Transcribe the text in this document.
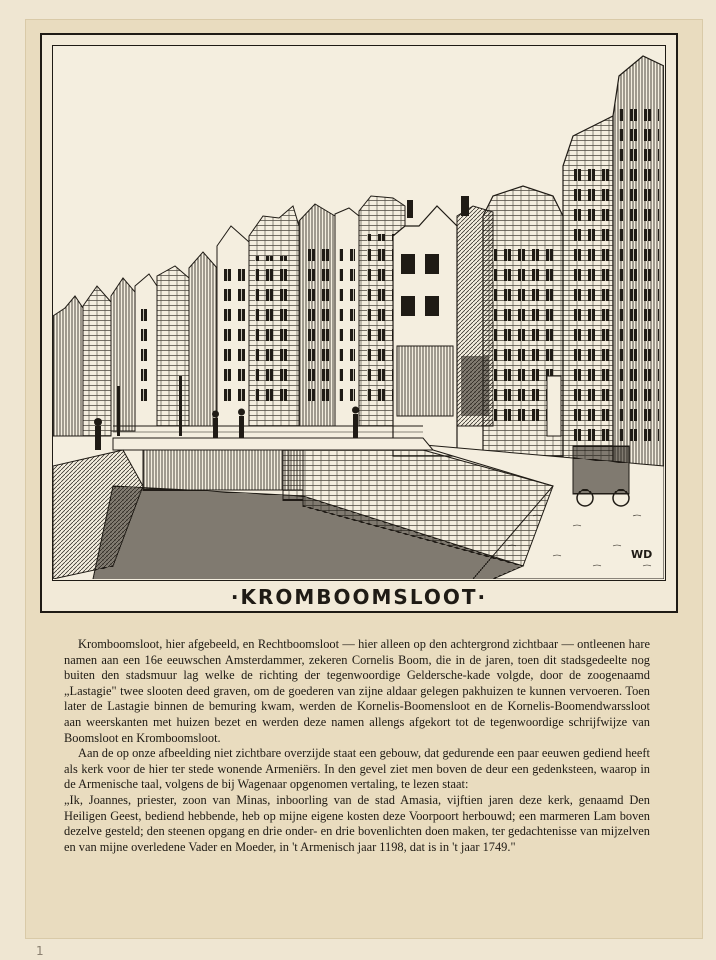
WD
·KROMBOOMSLOOT·

Kromboomsloot, hier afgebeeld, en Rechtboomsloot — hier alleen op den achtergrond zichtbaar — ontleenen hare namen aan een 16e eeuwschen Amsterdammer, zekeren Cornelis Boom, die in de jaren, toen dit stadsgedeelte nog buiten den stadsmuur lag welke de richting der tegenwoordige Geldersche-kade volgde, door de zoogenaamd „Lastagie" twee slooten deed graven, om de goederen van zijne aldaar gelegen pakhuizen te kunnen vervoeren. Toen later de Lastagie binnen de bemuring kwam, werden de Kornelis-Boomensloot en de Kornelis-Boomendwarssloot aan weerskanten met huizen bezet en werden deze namen allengs afgekort tot de tegenwoordige schrijfwijze van Boomsloot en Kromboomsloot.

Aan de op onze afbeelding niet zichtbare overzijde staat een gebouw, dat gedurende een paar eeuwen gediend heeft als kerk voor de hier ter stede wonende Armeniërs. In den gevel ziet men boven de deur een gedenksteen, waarop in de Armenische taal, volgens de bij Wagenaar opgenomen vertaling, te lezen staat:

„Ik, Joannes, priester, zoon van Minas, inboorling van de stad Amasia, vijftien jaren deze kerk, genaamd Den Heiligen Geest, bediend hebbende, heb op mijne eigene kosten deze Voorpoort herbouwd; een marmeren Lam boven dezelve gesteld; den steenen opgang en drie onder- en drie bovenlichten doen maken, ter gedachtenisse van mijzelven en van mijne overledene Vader en Moeder, in 't Armenisch jaar 1198, dat is in 't jaar 1749."

1
